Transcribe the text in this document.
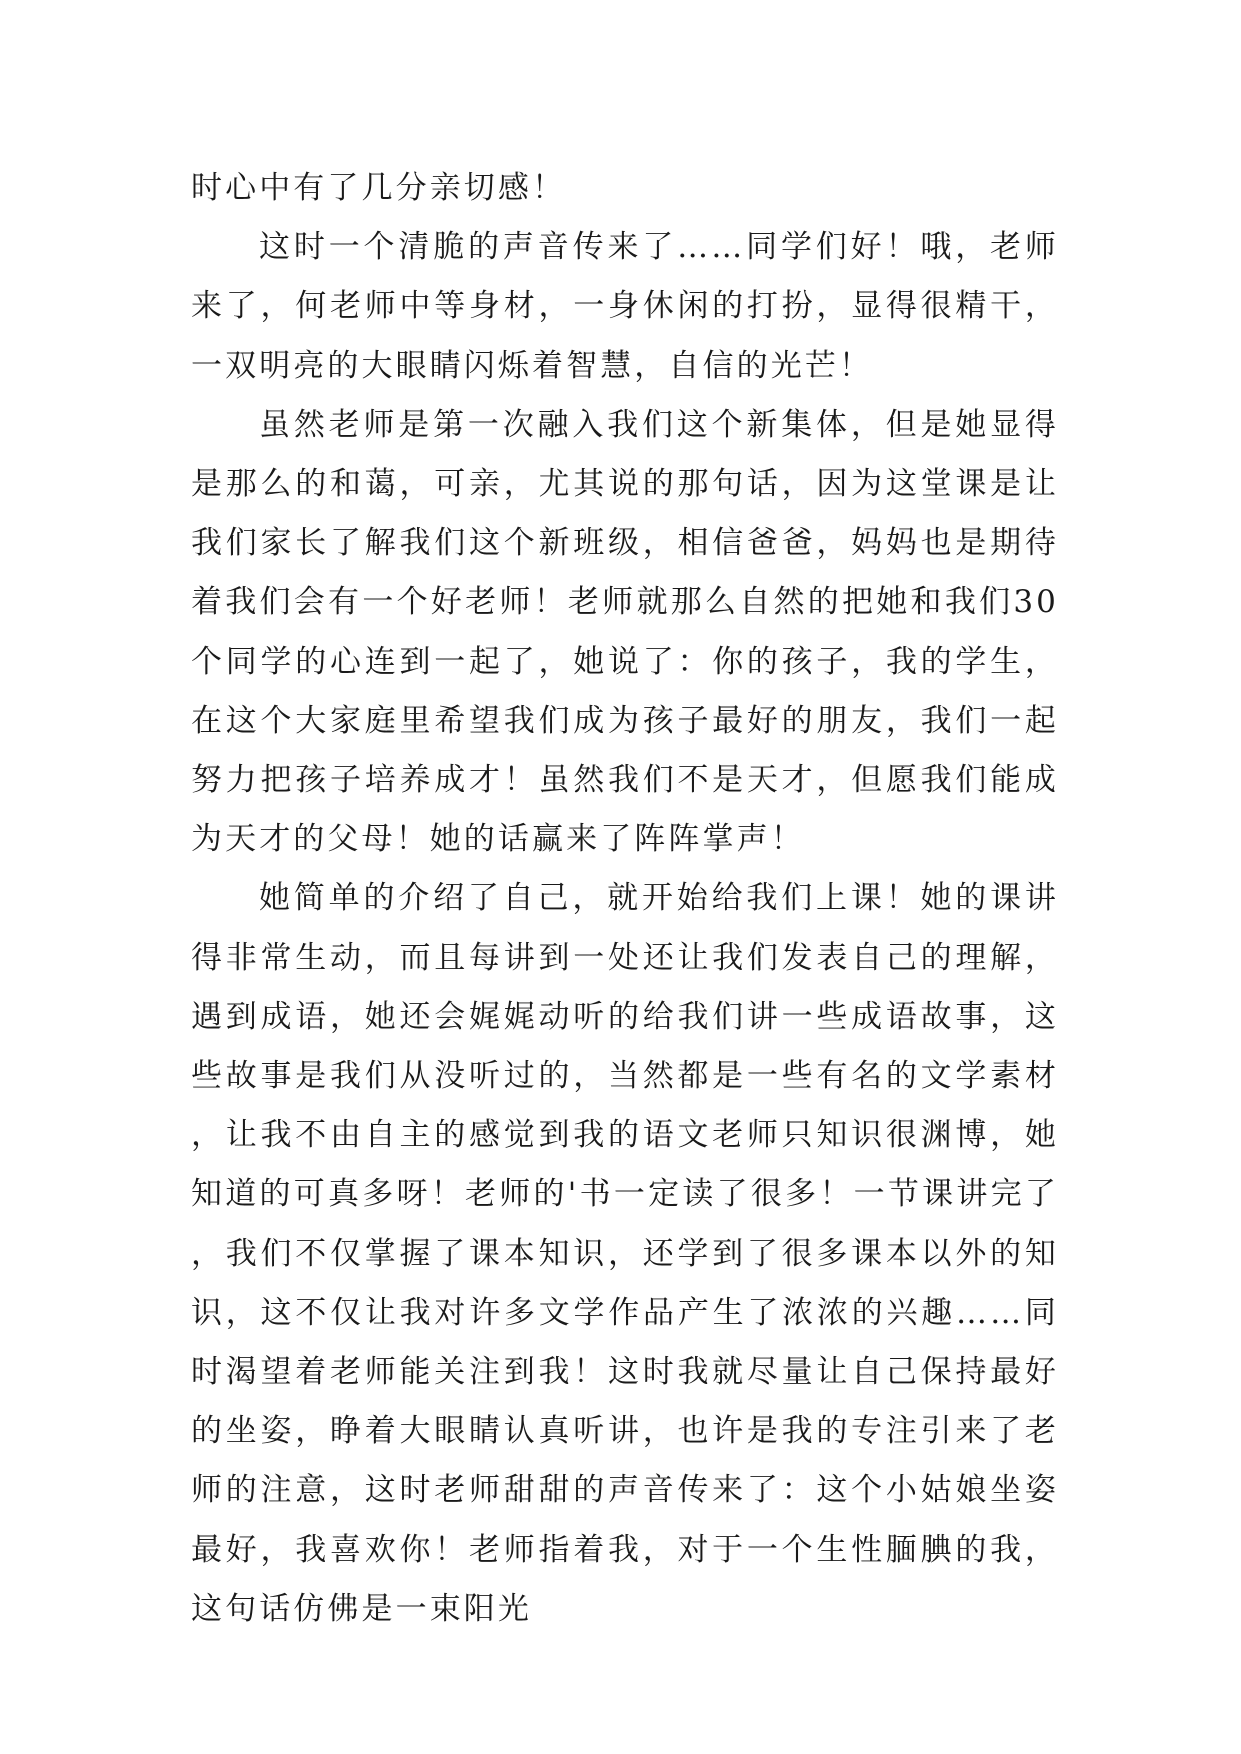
时心中有了几分亲切感！

这时一个清脆的声音传来了……同学们好！哦，老师来了，何老师中等身材，一身休闲的打扮，显得很精干，一双明亮的大眼睛闪烁着智慧，自信的光芒！

虽然老师是第一次融入我们这个新集体，但是她显得是那么的和蔼，可亲，尤其说的那句话，因为这堂课是让我们家长了解我们这个新班级，相信爸爸，妈妈也是期待着我们会有一个好老师！老师就那么自然的把她和我们30个同学的心连到一起了，她说了：你的孩子，我的学生，在这个大家庭里希望我们成为孩子最好的朋友，我们一起努力把孩子培养成才！虽然我们不是天才，但愿我们能成为天才的父母！她的话赢来了阵阵掌声！

她简单的介绍了自己，就开始给我们上课！她的课讲得非常生动，而且每讲到一处还让我们发表自己的理解，遇到成语，她还会娓娓动听的给我们讲一些成语故事，这些故事是我们从没听过的，当然都是一些有名的文学素材，让我不由自主的感觉到我的语文老师只知识很渊博，她知道的可真多呀！老师的'书一定读了很多！一节课讲完了，我们不仅掌握了课本知识，还学到了很多课本以外的知识，这不仅让我对许多文学作品产生了浓浓的兴趣……同时渴望着老师能关注到我！这时我就尽量让自己保持最好的坐姿，睁着大眼睛认真听讲，也许是我的专注引来了老师的注意，这时老师甜甜的声音传来了：这个小姑娘坐姿最好，我喜欢你！老师指着我，对于一个生性腼腆的我，这句话仿佛是一束阳光
